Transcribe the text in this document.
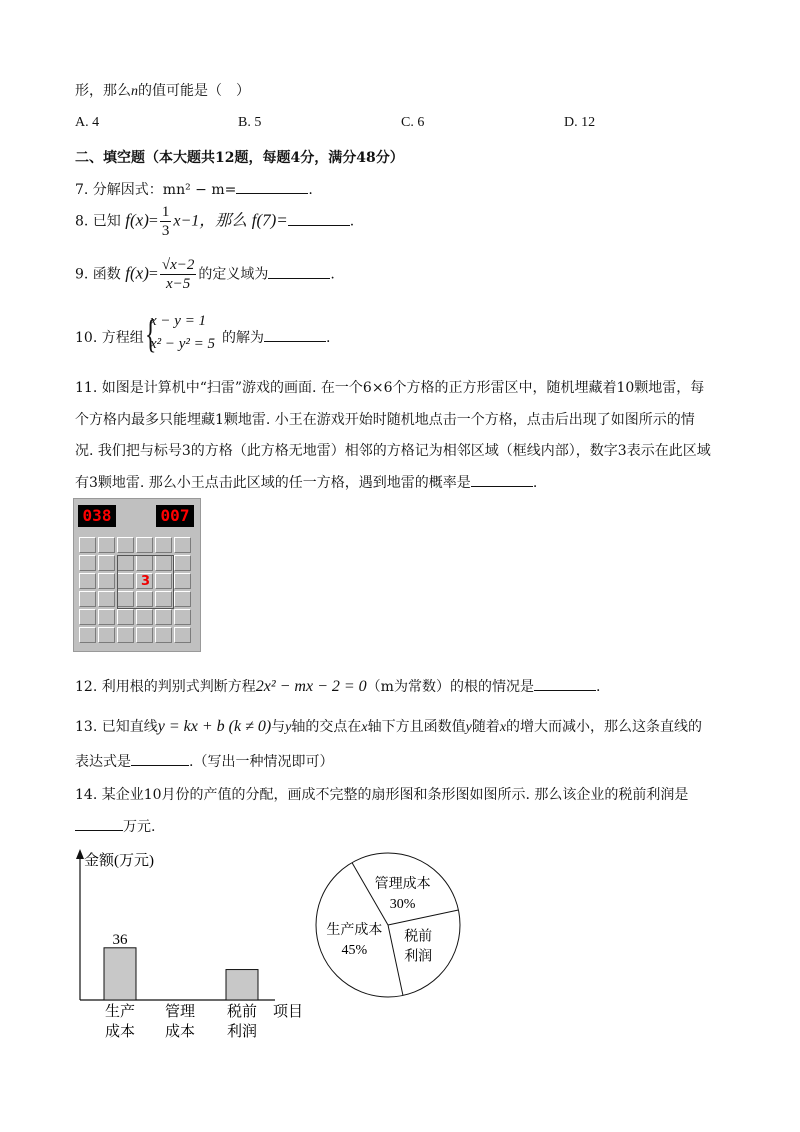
形，那么n的值可能是（　）
A. 4	B. 5	C. 6	D. 12
二、填空题（本大题共12题，每题4分，满分48分）
7. 分解因式：mn² − m=	.
8. 已知 $f(x)= \frac{1}{3} x-1$，那么 f(7)=	.
9. 函数 $f(x)= \frac{√x-2}{x-5}$ 的定义域为	.
10. 方程组 {
x − y = 1
x² − y² = 5 的解为	.
11. 如图是计算机中“扫雷”游戏的画面. 在一个6×6个方格的正方形雷区中，随机埋藏着10颗地雷，每
个方格内最多只能埋藏1颗地雷. 小王在游戏开始时随机地点击一个方格，点击后出现了如图所示的情
况. 我们把与标号3的方格（此方格无地雷）相邻的方格记为相邻区域（框线内部），数字3表示在此区域
有3颗地雷. 那么小王点击此区域的任一方格，遇到地雷的概率是	.
038	007
3
12. 利用根的判别式判断方程2x² − mx − 2 = 0（m为常数）的根的情况是	.
13. 已知直线y = kx + b (k ≠ 0)与y轴的交点在x轴下方且函数值y随着x的增大而减小，那么这条直线的
表达式是	.（写出一种情况即可）
14. 某企业10月份的产值的分配，画成不完整的扇形图和条形图如图所示. 那么该企业的税前利润是
万元.
金额(万元)
项目
36
生产
成本
管理
成本
税前
利润
管理成本
30%
税前
利润
生产成本
45%
